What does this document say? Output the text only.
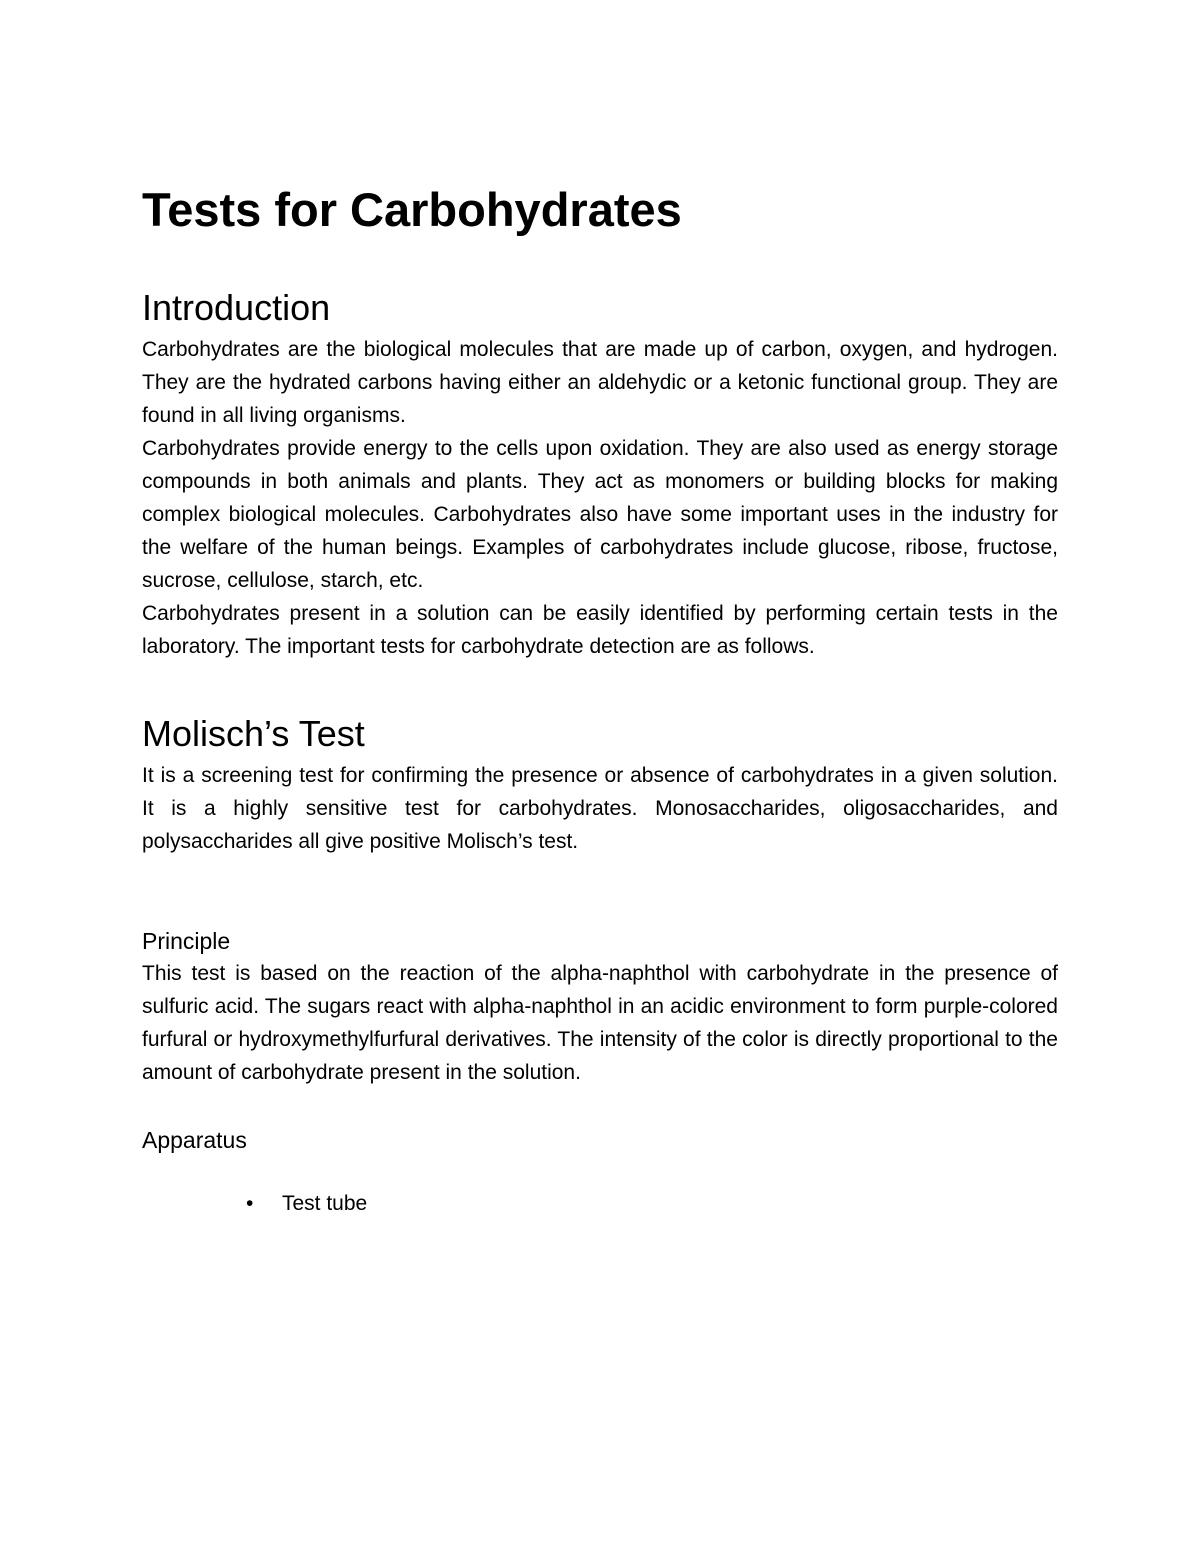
Tests for Carbohydrates
Introduction

Carbohydrates are the biological molecules that are made up of carbon, oxygen, and hydrogen. They are the hydrated carbons having either an aldehydic or a ketonic functional group. They are found in all living organisms.

Carbohydrates provide energy to the cells upon oxidation. They are also used as energy storage compounds in both animals and plants. They act as monomers or building blocks for making complex biological molecules. Carbohydrates also have some important uses in the industry for the welfare of the human beings. Examples of carbohydrates include glucose, ribose, fructose, sucrose, cellulose, starch, etc.

Carbohydrates present in a solution can be easily identified by performing certain tests in the laboratory. The important tests for carbohydrate detection are as follows.

Molisch’s Test

It is a screening test for confirming the presence or absence of carbohydrates in a given solution. It is a highly sensitive test for carbohydrates. Monosaccharides, oligosaccharides, and polysaccharides all give positive Molisch’s test.

Principle

This test is based on the reaction of the alpha-naphthol with carbohydrate in the presence of sulfuric acid. The sugars react with alpha-naphthol in an acidic environment to form purple-colored furfural or hydroxymethylfurfural derivatives. The intensity of the color is directly proportional to the amount of carbohydrate present in the solution.

Apparatus
• Test tube
